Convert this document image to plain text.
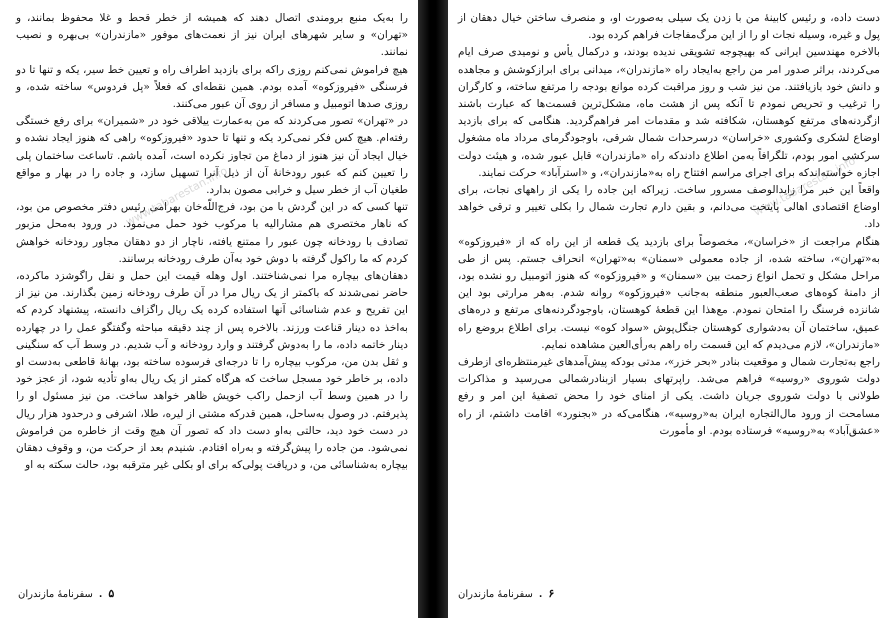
را به‌یک منبع برومندی اتصال دهند که همیشه از خطر قحط و غلا محفوظ بمانند، و «تهران» و سایر شهرهای ایران نیز از نعمت‌های موفور «مازندران» بی‌بهره و نصیب نمانند.

هیچ فراموش نمی‌کنم روزی راکه برای بازدید اطراف راه و تعیین خط سیر، یکه و تنها تا دو فرسنگی «فیروزکوه» آمده بودم. همین نقطه‌ای که فعلاً «پل فردوس» ساخته شده، و روزی صدها اتومبیل و مسافر از روی آن عبور می‌کنند.

در «تهران» تصور می‌کردند که من به‌عمارت ییلاقی خود در «شمیران» برای رفع خستگی رفته‌ام. هیچ کس فکر نمی‌کرد یکه و تنها تا حدود «فیروزکوه» راهی که هنوز ایجاد نشده و خیال ایجاد آن نیز هنوز از دماغ من تجاوز نکرده است، آمده باشم. تاساعت ساختمان پلی را تعیین کنم که عبور رودخانهٔ آن از ذیل آنرا تسهیل سازد، و جاده را در بهار و مواقع طغیان آب از خطر سیل و خرابی مصون بدارد.

تنها کسی که در این گردش با من بود، فرج‌اللّه‌خان بهرامی رئیس دفتر مخصوص من بود، که ناهار مختصری هم مشارالیه با مرکوب خود حمل می‌نمود. در ورود به‌محل مزبور تصادف با رودخانه چون عبور را ممتنع یافته، ناچار از دو دهقان مجاور رودخانه خواهش کردم که ما راکول گرفته با دوش خود به‌آن طرف رودخانه برسانند.

دهقان‌های بیچاره مرا نمی‌شناختند. اول وهله قیمت این حمل و نقل راگوشزد ماکرده، حاضر نمی‌شدند که باکمتر از یک ریال مرا در آن طرف رودخانه زمین بگذارند. من نیز از این تفریح و عدم شناسائی آنها استفاده کرده یک ریال راگزاف دانسته، پیشنهاد کردم که به‌اخذ ده دینار قناعت ورزند. بالاخره پس از چند دقیقه مباحثه وگفتگو عمل را در چهارده دینار خاتمه داده، ما را به‌دوش گرفتند و وارد رودخانه و آب شدیم. در وسط آب که سنگینی و ثقل بدن من، مرکوب بیچاره را تا درجه‌ای فرسوده ساخته بود، بهانهٔ قاطعی به‌دست او داده، بر خاطر خود مسجل ساخت که هرگاه کمتر از یک ریال به‌او تأدیه شود، از عجز خود را در همین وسط آب ازحمل راکب خویش ظاهر خواهد ساخت. من نیز مسئول او را پذیرفتم. در وصول به‌ساحل، همین قدرکه مشتی از لیره، طلا، اشرفی و درحدود هزار ریال در دست خود دید، حالتی به‌او دست داد که تصور آن هیچ وقت از خاطره من فراموش نمی‌شود. من جاده را پیش‌گرفته و به‌راه افتادم. شنیدم بعد از حرکت من، و وقوف دهقان بیچاره به‌شناسائی من، و دریافت پولی‌که برای او بکلی غیر مترقبه بود، حالت سکته به او

www.tabarestan.info
۵
.
سفرنامهٔ مازندران

دست داده، و رئیس کابینهٔ من با زدن یک سیلی به‌صورت او، و منصرف ساختن خیال دهقان از پول و غیره، وسیله نجات او را از این مرگ‌مفاجات فراهم کرده بود.

بالاخره مهندسین ایرانی که بهیچوجه تشویقی ندیده بودند، و درکمال یأس و نومیدی صرف ایام می‌کردند، براثر صدور امر من راجع به‌ایجاد راه «مازندران»، میدانی برای ابرازکوشش و مجاهده و دانش خود بازیافتند. من نیز شب و روز مراقبت کرده موانع بودجه را مرتفع ساخته، و کارگران را ترغیب و تحریص نمودم تا آنکه پس از هشت ماه، مشکل‌ترین قسمت‌ها که عبارت باشند ازگردنه‌های مرتفع کوهستان، شکافته شد و مقدمات امر فراهم‌گردید. هنگامی که برای بازدید اوضاع لشکری وکشوری «خراسان» درسرحدات شمال شرقی، باوجودگرمای مرداد ماه مشغول سرکشی امور بودم، تلگرافاً به‌من اطلاع دادندکه راه «مازندران» قابل عبور شده، و هیئت دولت اجازه خواسته‌اندکه برای اجرای مراسم افتتاح راه به‌«مازندران»، و «استرآباد» حرکت نمایند.

واقعاً این خبر مرا زایدالوصف مسرور ساخت. زیرا‌که این جاده را یکی از راههای نجات، برای اوضاع اقتصادی اهالی پایتخت می‌دانم، و بقین دارم تجارت شمال را بکلی تغییر و ترقی خواهد داد.

هنگام مراجعت از «خراسان»، مخصوصاً برای بازدید یک قطعه از این راه که از «فیروزکوه» به‌«تهران»، ساخته شده، از جاده معمولی «سمنان» به‌«تهران» انحراف جستم. پس از طی مراحل مشکل و تحمل انواع زحمت بین «سمنان» و «فیروزکوه» که هنوز اتومبیل رو نشده بود، از دامنهٔ کوه‌های صعب‌العبور منطقه به‌جانب «فیروزکوه» روانه شدم. به‌هر مرارتی بود این شانزده فرسنگ را امتحان نمودم. مع‌هذا این قطعهٔ کوهستان، باوجودگردنه‌های مرتفع و دره‌های عمیق، ساختمان آن به‌دشواری کوهستان جنگل‌پوش «سواد کوه» نیست. برای اطلاع بروضع راه «مازندران»، لازم می‌دیدم که این قسمت راه راهم به‌رأی‌العین مشاهده نمایم.

راجع به‌تجارت شمال و موقعیت بنادر «بحر خزر»، مدتی بودکه پیش‌آمدهای غیرمنتظره‌ای ازطرف دولت شوروی «روسیه» فراهم می‌شد. راپرتهای بسیار ازبنادرشمالی می‌رسید و مذاکرات طولانی با دولت شوروی جریان داشت. یکی از امنای خود را محض تصفیهٔ این امر و رفع مسامحت از ورود مال‌التجاره ایران به‌«روسیه»، هنگامی‌که در «بجنورد» اقامت داشتم، از راه «عشق‌آباد» به‌«روسیه» فرستاده بودم. او مأمورت

www.tabarestan.info
۶
.
سفرنامهٔ مازندران
